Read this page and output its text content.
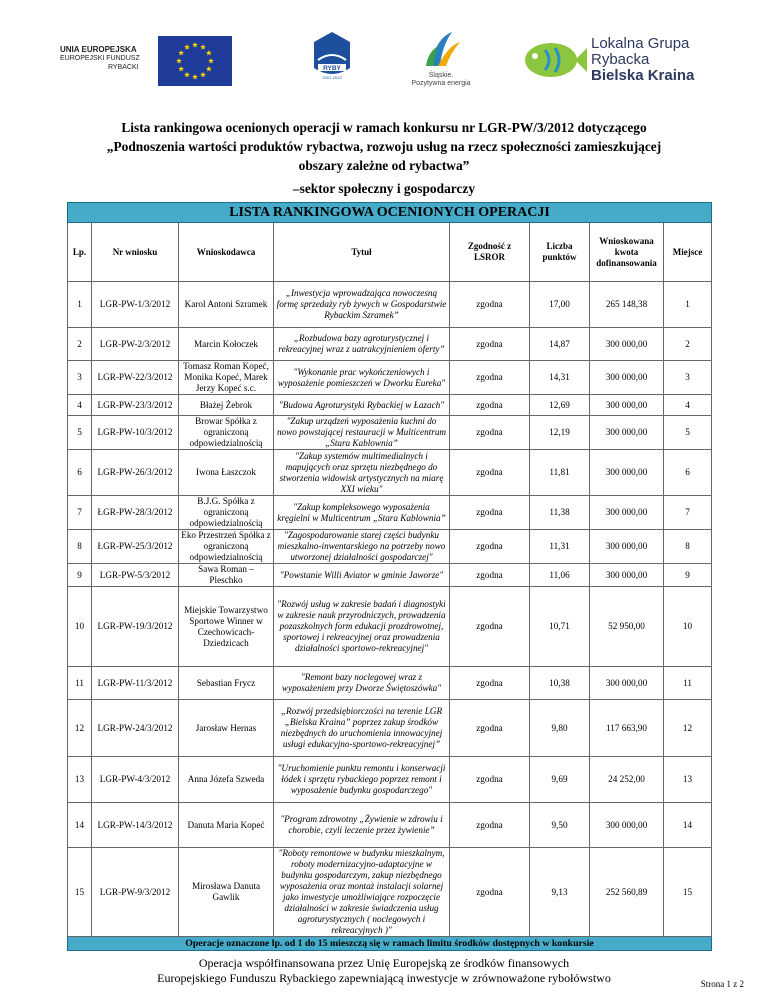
UNIA EUROPEJSKA
EUROPEJSKI FUNDUSZ
RYBACKI	RYBY
2007-2013	Śląskie.
Pozytywna energia
Lokalna Grupa
Rybacka
Bielska Kraina
Lista rankingowa ocenionych operacji w ramach konkursu nr LGR-PW/3/2012 dotyczącego
„Podnoszenia wartości produktów rybactwa, rozwoju usług na rzecz społeczności zamieszkującej
obszary zależne od rybactwa”
–sektor społeczny i gospodarczy
LISTA RANKINGOWA OCENIONYCH OPERACJI							
Lp.	Nr wniosku	Wnioskodawca	Tytuł	Zgodność z LSROR	Liczba punktów	Wnioskowana kwota dofinansowania	Miejsce
1	LGR-PW-1/3/2012	Karol Antoni Szramek	„Inwestycja wprowadzająca nowoczesną formę sprzedaży ryb żywych w Gospodarstwie Rybackim Szramek”	zgodna	17,00	265 148,38	1
2	LGR-PW-2/3/2012	Marcin Kołoczek	„Rozbudowa bazy agroturystycznej i rekreacyjnej wraz z uatrakcyjnieniem oferty”	zgodna	14,87	300 000,00	2
3	LGR-PW-22/3/2012	Tomasz Roman Kopeć, Monika Kopeć, Marek Jerzy Kopeć s.c.	"Wykonanie prac wykończeniowych i wyposażenie pomieszczeń w Dworku Eureka"	zgodna	14,31	300 000,00	3
4	LGR-PW-23/3/2012	Błażej Żebrok	"Budowa Agroturystyki Rybackiej w Łazach"	zgodna	12,69	300 000,00	4
5	LGR-PW-10/3/2012	Browar Spółka z ograniczoną odpowiedzialnością	"Zakup urządzeń wyposażenia kuchni do nowo powstającej restauracji w Multicentrum „Stara Kablownia”	zgodna	12,19	300 000,00	5
6	LGR-PW-26/3/2012	Iwona Łaszczok	"Zakup systemów multimedialnych i mapujących oraz sprzętu niezbędnego do stworzenia widowisk artystycznych na miarę XXI wieku"	zgodna	11,81	300 000,00	6
7	ŁGR-PW-28/3/2012	B.J.G. Spółka z ograniczoną odpowiedzialnością	"Zakup kompleksowego wyposażenia kręgielni w Multicentrum „Stara Kablownia”	zgodna	11,38	300 000,00	7
8	ŁGR-PW-25/3/2012	Eko Przestrzeń Spółka z ograniczoną odpowiedzialnością	"Zagospodarowanie starej części budynku mieszkalno-inwentarskiego na potrzeby nowo utworzonej działalności gospodarczej"	zgodna	11,31	300 000,00	8
9	LGR-PW-5/3/2012	Sawa Roman – Pleschko	"Powstanie Willi Aviator w gminie Jaworze"	zgodna	11,06	300 000,00	9
10	LGR-PW-19/3/2012	Miejskie Towarzystwo Sportowe Winner w Czechowicach-Dziedzicach	"Rozwój usług w zakresie badań i diagnostyki w zakresie nauk przyrodniczych, prowadzenia pozaszkolnych form edukacji prozdrowotnej, sportowej i rekreacyjnej oraz prowadzenia działalności sportowo-rekreacyjnej"	zgodna	10,71	52 950,00	10
11	LGR-PW-11/3/2012	Sebastian Frycz	"Remont bazy noclegowej wraz z wyposażeniem przy Dworze Świętoszówka"	zgodna	10,38	300 000,00	11
12	LGR-PW-24/3/2012	Jarosław Hernas	„Rozwój przedsiębiorczości na terenie LGR „Bielska Kraina” poprzez zakup środków niezbędnych do uruchomienia innowacyjnej usługi edukacyjno-sportowo-rekreacyjnej”	zgodna	9,80	117 663,90	12
13	LGR-PW-4/3/2012	Anna Józefa Szweda	"Uruchomienie punktu remontu i konserwacji łódek i sprzętu rybackiego poprzez remont i wyposażenie budynku gospodarczego"	zgodna	9,69	24 252,00	13
14	LGR-PW-14/3/2012	Danuta Maria Kopeć	"Program zdrowotny „Żywienie w zdrowiu i chorobie, czyli leczenie przez żywienie”	zgodna	9,50	300 000,00	14
15	LGR-PW-9/3/2012	Mirosława Danuta Gawlik	"Roboty remontowe w budynku mieszkalnym, roboty modernizacyjno-adaptacyjne w budynku gospodarczym, zakup niezbędnego wyposażenia oraz montaż instalacji solarnej jako inwestycje umożliwiające rozpoczęcie działalności w zakresie świadczenia usług agroturystycznych ( noclegowych i rekreacyjnych )"	zgodna	9,13	252 560,89	15
Operacje oznaczone lp. od 1 do 15 mieszczą się w ramach limitu środków dostępnych w konkursie							
Operacja współfinansowana przez Unię Europejską ze środków finansowych
Europejskiego Funduszu Rybackiego zapewniającą inwestycje w zrównoważone rybołówstwo	Strona 1 z 2
